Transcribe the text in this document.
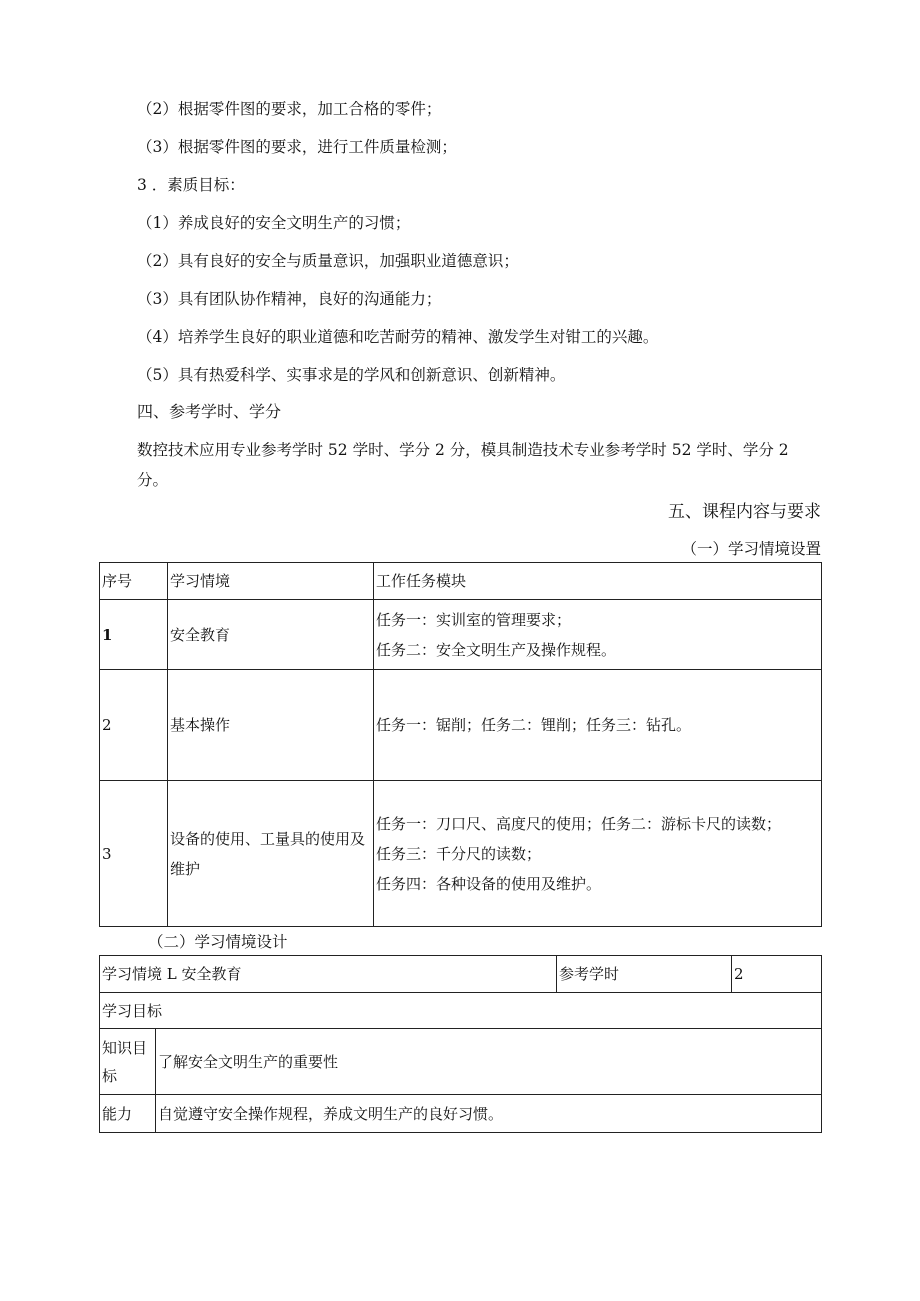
（2）根据零件图的要求，加工合格的零件；
（3）根据零件图的要求，进行工件质量检测；
3 ．素质目标：
（1）养成良好的安全文明生产的习惯；
（2）具有良好的安全与质量意识，加强职业道德意识；
（3）具有团队协作精神，良好的沟通能力；
（4）培养学生良好的职业道德和吃苦耐劳的精神、激发学生对钳工的兴趣。
（5）具有热爱科学、实事求是的学风和创新意识、创新精神。
四、参考学时、学分
数控技术应用专业参考学时 52 学时、学分 2 分，模具制造技术专业参考学时 52 学时、学分 2 分。
五、课程内容与要求
（一）学习情境设置
序号	学习情境	工作任务模块
1	安全教育	任务一：实训室的管理要求；
任务二：安全文明生产及操作规程。

2	基本操作	任务一：锯削；任务二：锂削；任务三：钻孔。

3	设备的使用、工量具的使用及维护	任务一：刀口尺、高度尺的使用；任务二：游标卡尺的读数；
任务三：千分尺的读数；
任务四：各种设备的使用及维护。
（二）学习情境设计
学习情境 L 安全教育		参考学时	2
学习目标			
知识目标	了解安全文明生产的重要性		
能力	自觉遵守安全操作规程，养成文明生产的良好习惯。		
